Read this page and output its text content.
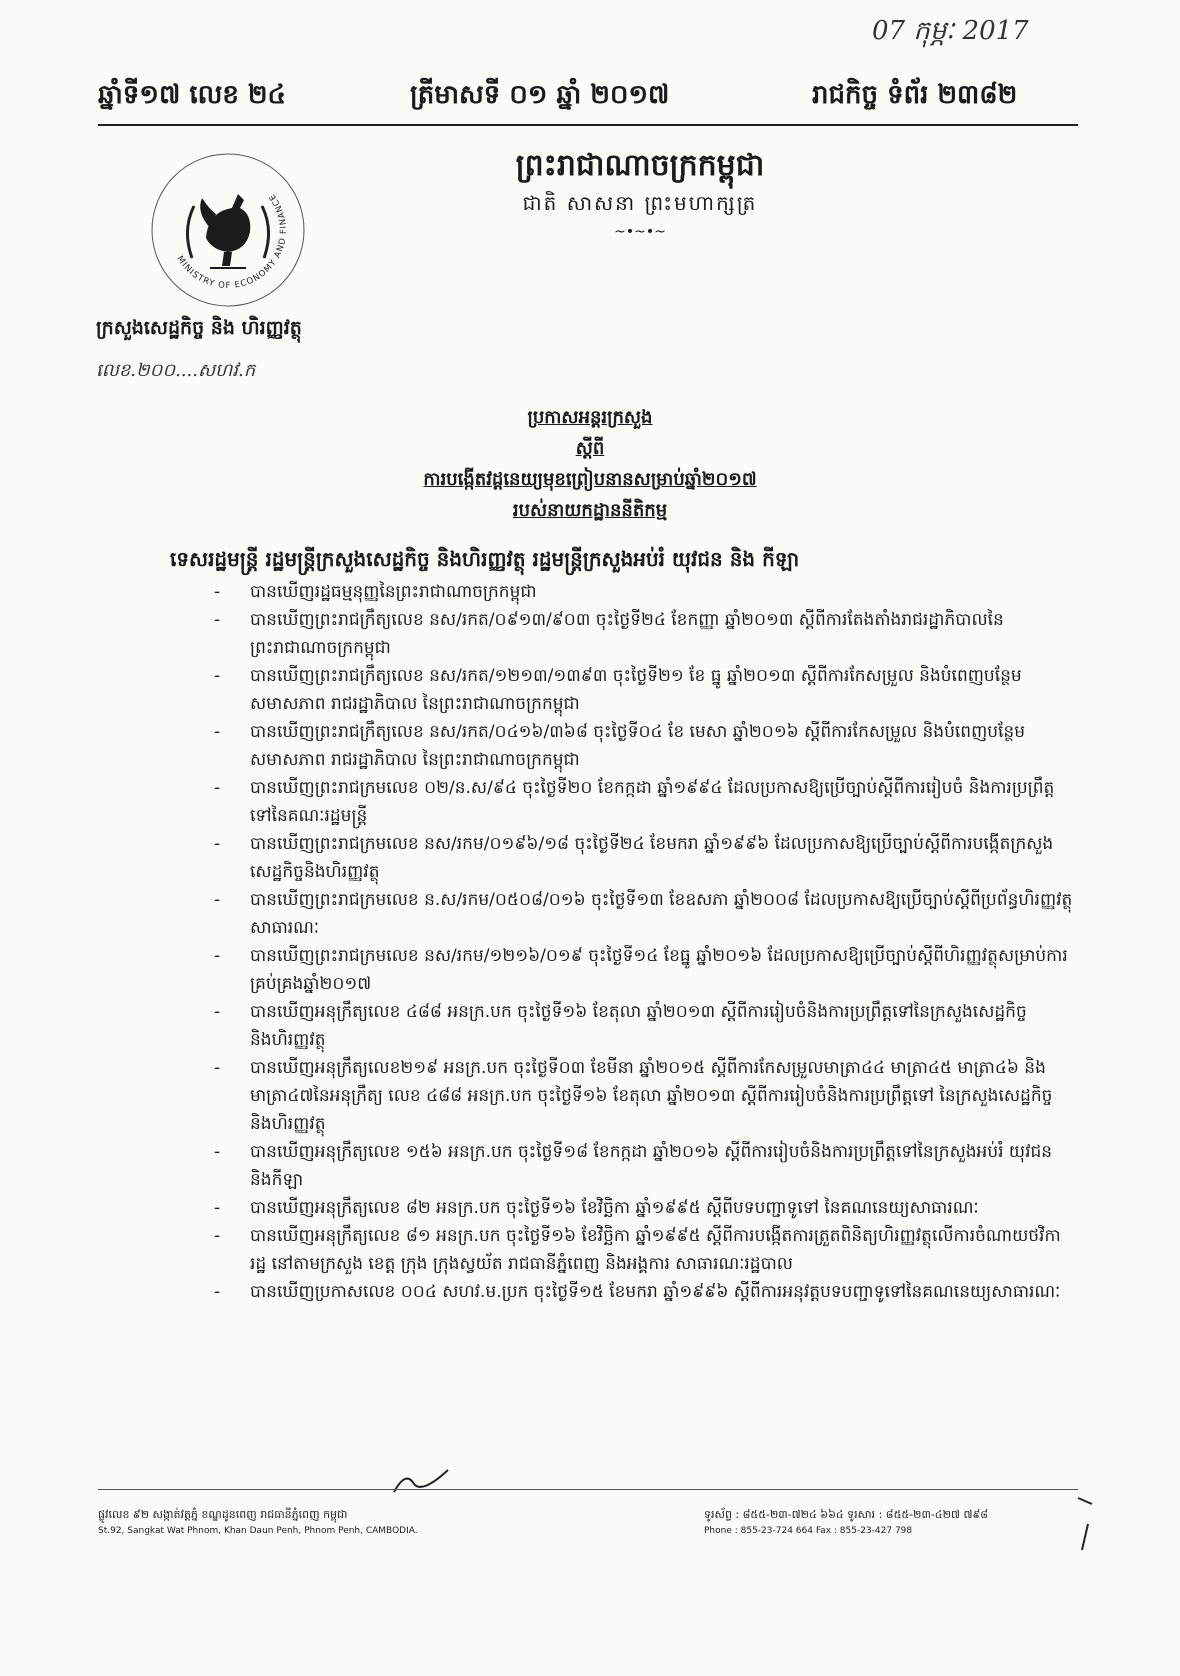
07 កុម្ភៈ 2017
ឆ្នាំទី១៧ លេខ ២៤	ត្រីមាសទី ០១ ឆ្នាំ ២០១៧	រាជកិច្ច ទំព័រ ២៣៨២
ព្រះរាជាណាចក្រកម្ពុជា
ជាតិ សាសនា ព្រះមហាក្សត្រ
~•~•~
MINISTRY OF ECONOMY AND FINANCE
ក្រសួងសេដ្ឋកិច្ច និង ហិរញ្ញវត្ថុ
លេខ.២០០....សហវ.ក
ប្រកាសអន្តរក្រសួង
ស្តីពី
ការបង្កើតវដ្តនេយ្យមុខព្រៀបនានសម្រាប់ឆ្នាំ២០១៧
របស់នាយកដ្ឋាននីតិកម្ម
ទេសរដ្ឋមន្ត្រី រដ្ឋមន្ត្រីក្រសួងសេដ្ឋកិច្ច និងហិរញ្ញវត្ថុ រដ្ឋមន្ត្រីក្រសួងអប់រំ យុវជន និង កីឡា
- បានឃើញរដ្ឋធម្មនុញ្ញនៃព្រះរាជាណាចក្រកម្ពុជា
- បានឃើញព្រះរាជក្រឹត្យលេខ នស/រកត/០៩១៣/៩០៣ ចុះថ្ងៃទី២៤ ខែកញ្ញា ឆ្នាំ២០១៣ ស្តីពីការតែងតាំងរាជរដ្ឋាភិបាលនៃព្រះរាជាណាចក្រកម្ពុជា
- បានឃើញព្រះរាជក្រឹត្យលេខ នស/រកត/១២១៣/១៣៩៣ ចុះថ្ងៃទី២១ ខែ ធ្នូ ឆ្នាំ២០១៣ ស្តីពីការកែសម្រួល និងបំពេញបន្ថែម សមាសភាព រាជរដ្ឋាភិបាល នៃព្រះរាជាណាចក្រកម្ពុជា
- បានឃើញព្រះរាជក្រឹត្យលេខ នស/រកត/០៤១៦/៣៦៨ ចុះថ្ងៃទី០៤ ខែ មេសា ឆ្នាំ២០១៦ ស្តីពីការកែសម្រួល និងបំពេញបន្ថែម សមាសភាព រាជរដ្ឋាភិបាល នៃព្រះរាជាណាចក្រកម្ពុជា
- បានឃើញព្រះរាជក្រមលេខ ០២/ន.ស/៩៤ ចុះថ្ងៃទី២០ ខែកក្កដា ឆ្នាំ១៩៩៤ ដែលប្រកាសឱ្យប្រើច្បាប់ស្តីពីការរៀបចំ និងការប្រព្រឹត្តទៅនៃគណៈរដ្ឋមន្ត្រី
- បានឃើញព្រះរាជក្រមលេខ នស/រកម/០១៩៦/១៨ ចុះថ្ងៃទី២៤ ខែមករា ឆ្នាំ១៩៩៦ ដែលប្រកាសឱ្យប្រើច្បាប់ស្តីពីការបង្កើតក្រសួងសេដ្ឋកិច្ចនិងហិរញ្ញវត្ថុ
- បានឃើញព្រះរាជក្រមលេខ ន.ស/រកម/០៥០៨/០១៦ ចុះថ្ងៃទី១៣ ខែឧសភា ឆ្នាំ២០០៨ ដែលប្រកាសឱ្យប្រើច្បាប់ស្តីពីប្រព័ន្ធហិរញ្ញវត្ថុសាធារណៈ
- បានឃើញព្រះរាជក្រមលេខ នស/រកម/១២១៦/០១៩ ចុះថ្ងៃទី១៤ ខែធ្នូ ឆ្នាំ២០១៦ ដែលប្រកាសឱ្យប្រើច្បាប់ស្តីពីហិរញ្ញវត្ថុសម្រាប់ការគ្រប់គ្រងឆ្នាំ២០១៧
- បានឃើញអនុក្រឹត្យលេខ ៤៨៨ អនក្រ.បក ចុះថ្ងៃទី១៦ ខែតុលា ឆ្នាំ២០១៣ ស្តីពីការរៀបចំនិងការប្រព្រឹត្តទៅនៃក្រសួងសេដ្ឋកិច្ចនិងហិរញ្ញវត្ថុ
- បានឃើញអនុក្រឹត្យលេខ២១៩ អនក្រ.បក ចុះថ្ងៃទី០៣ ខែមីនា ឆ្នាំ២០១៥ ស្តីពីការកែសម្រួលមាត្រា៤៤ មាត្រា៤៥ មាត្រា៤៦ និងមាត្រា៤៧នៃអនុក្រឹត្យ លេខ ៤៨៨ អនក្រ.បក ចុះថ្ងៃទី១៦ ខែតុលា ឆ្នាំ២០១៣ ស្តីពីការរៀបចំនិងការប្រព្រឹត្តទៅ នៃក្រសួងសេដ្ឋកិច្ច និងហិរញ្ញវត្ថុ
- បានឃើញអនុក្រឹត្យលេខ ១៥៦ អនក្រ.បក ចុះថ្ងៃទី១៨ ខែកក្កដា ឆ្នាំ២០១៦ ស្តីពីការរៀបចំនិងការប្រព្រឹត្តទៅនៃក្រសួងអប់រំ យុវជន និងកីឡា
- បានឃើញអនុក្រឹត្យលេខ ៨២ អនក្រ.បក ចុះថ្ងៃទី១៦ ខែវិច្ឆិកា ឆ្នាំ១៩៩៥ ស្តីពីបទបញ្ជាទូទៅ នៃគណនេយ្យសាធារណៈ
- បានឃើញអនុក្រឹត្យលេខ ៨១ អនក្រ.បក ចុះថ្ងៃទី១៦ ខែវិច្ឆិកា ឆ្នាំ១៩៩៥ ស្តីពីការបង្កើតការត្រួតពិនិត្យហិរញ្ញវត្ថុលើការចំណាយថវិការដ្ឋ នៅតាមក្រសួង ខេត្ត ក្រុង ក្រុងស្វយ័ត រាជធានីភ្នំពេញ និងអង្គការ សាធារណៈរដ្ឋបាល
- បានឃើញប្រកាសលេខ ០០៤ សហវ.ម.ប្រក ចុះថ្ងៃទី១៥ ខែមករា ឆ្នាំ១៩៩៦ ស្តីពីការអនុវត្តបទបញ្ជាទូទៅនៃគណនេយ្យសាធារណៈ
ផ្លូវលេខ ៩២ សង្កាត់វត្តភ្នំ ខណ្ឌដូនពេញ រាជធានីភ្នំពេញ កម្ពុជា
St.92, Sangkat Wat Phnom, Khan Daun Penh, Phnom Penh, CAMBODIA.
ទូរស័ព្ទ : ៨៥៥-២៣-៧២៤ ៦៦៤ ទូរសារ : ៨៥៥-២៣-៤២៧ ៧៩៨
Phone : 855-23-724 664 Fax : 855-23-427 798
